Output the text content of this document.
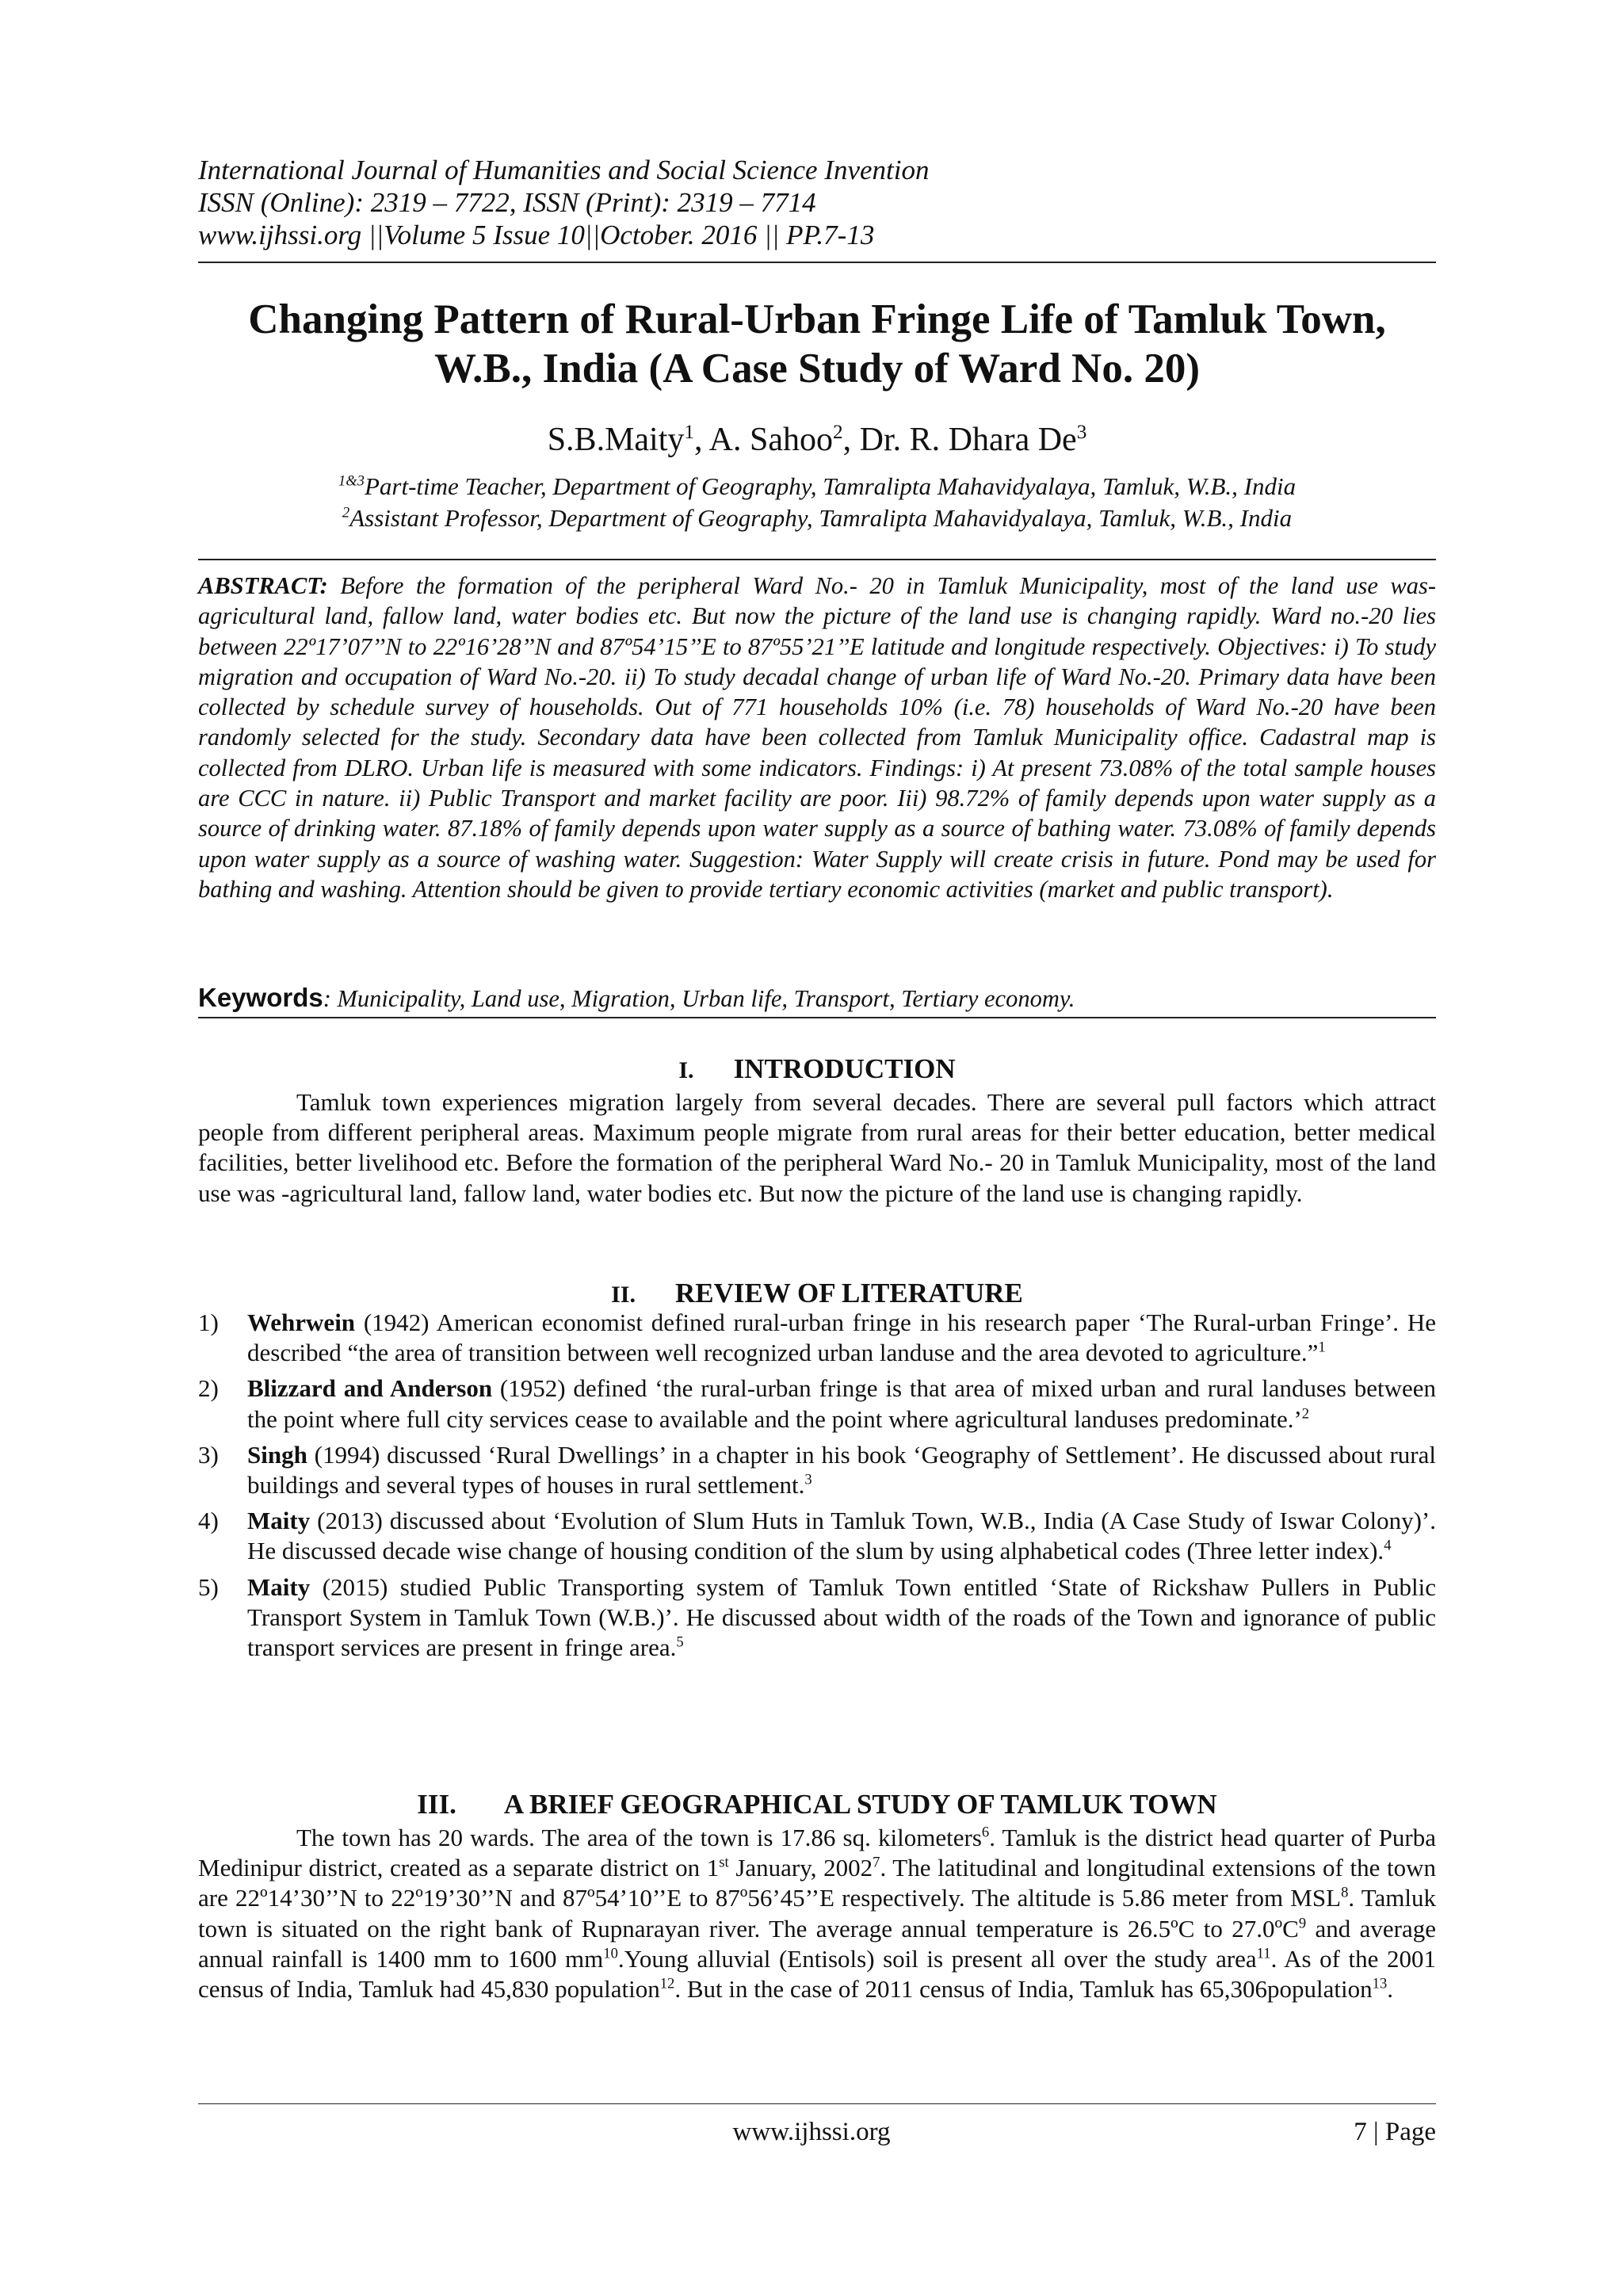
International Journal of Humanities and Social Science Invention
ISSN (Online): 2319 – 7722, ISSN (Print): 2319 – 7714
www.ijhssi.org ||Volume 5 Issue 10||October. 2016 || PP.7-13
Changing Pattern of Rural-Urban Fringe Life of Tamluk Town,
W.B., India (A Case Study of Ward No. 20)
S.B.Maity$^1$, A. Sahoo$^2$, Dr. R. Dhara De$^3$
$^{1\&3}$Part-time Teacher, Department of Geography, Tamralipta Mahavidyalaya, Tamluk, W.B., India
$^2$Assistant Professor, Department of Geography, Tamralipta Mahavidyalaya, Tamluk, W.B., India
ABSTRACT: Before the formation of the peripheral Ward No.- 20 in Tamluk Municipality, most of the land use was-agricultural land, fallow land, water bodies etc. But now the picture of the land use is changing rapidly. Ward no.-20 lies between 22º17’07’’N to 22º16’28’’N and 87º54’15’’E to 87º55’21’’E latitude and longitude respectively. Objectives: i) To study migration and occupation of Ward No.-20. ii) To study decadal change of urban life of Ward No.-20. Primary data have been collected by schedule survey of households. Out of 771 households 10% (i.e. 78) households of Ward No.-20 have been randomly selected for the study. Secondary data have been collected from Tamluk Municipality office. Cadastral map is collected from DLRO. Urban life is measured with some indicators. Findings: i) At present 73.08% of the total sample houses are CCC in nature. ii) Public Transport and market facility are poor. Iii) 98.72% of family depends upon water supply as a source of drinking water. 87.18% of family depends upon water supply as a source of bathing water. 73.08% of family depends upon water supply as a source of washing water. Suggestion: Water Supply will create crisis in future. Pond may be used for bathing and washing. Attention should be given to provide tertiary economic activities (market and public transport).
Keywords: Municipality, Land use, Migration, Urban life, Transport, Tertiary economy.
I. INTRODUCTION
Tamluk town experiences migration largely from several decades. There are several pull factors which attract people from different peripheral areas. Maximum people migrate from rural areas for their better education, better medical facilities, better livelihood etc. Before the formation of the peripheral Ward No.- 20 in Tamluk Municipality, most of the land use was -agricultural land, fallow land, water bodies etc. But now the picture of the land use is changing rapidly.
II. REVIEW OF LITERATURE
1) Wehrwein (1942) American economist defined rural-urban fringe in his research paper ‘The Rural-urban Fringe’. He described “the area of transition between well recognized urban landuse and the area devoted to agriculture.”$^1$
2) Blizzard and Anderson (1952) defined ‘the rural-urban fringe is that area of mixed urban and rural landuses between the point where full city services cease to available and the point where agricultural landuses predominate.’$^2$
3) Singh (1994) discussed ‘Rural Dwellings’ in a chapter in his book ‘Geography of Settlement’. He discussed about rural buildings and several types of houses in rural settlement.$^3$
4) Maity (2013) discussed about ‘Evolution of Slum Huts in Tamluk Town, W.B., India (A Case Study of Iswar Colony)’. He discussed decade wise change of housing condition of the slum by using alphabetical codes (Three letter index).$^4$
5) Maity (2015) studied Public Transporting system of Tamluk Town entitled ‘State of Rickshaw Pullers in Public Transport System in Tamluk Town (W.B.)’. He discussed about width of the roads of the Town and ignorance of public transport services are present in fringe area.$^5$
III. A BRIEF GEOGRAPHICAL STUDY OF TAMLUK TOWN
The town has 20 wards. The area of the town is 17.86 sq. kilometers$^6$. Tamluk is the district head quarter of Purba Medinipur district, created as a separate district on 1st January, 2002$^7$. The latitudinal and longitudinal extensions of the town are 22º14’30’’N to 22º19’30’’N and 87º54’10’’E to 87º56’45’’E respectively. The altitude is 5.86 meter from MSL$^8$. Tamluk town is situated on the right bank of Rupnarayan river. The average annual temperature is 26.5ºC to 27.0ºC$^9$ and average annual rainfall is 1400 mm to 1600 $mm^{10}.Young$ alluvial (Entisols) soil is present all over the study area$^{11}$. As of the 2001 census of India, Tamluk had 45,830 population$^{12}$. But in the case of 2011 census of India, Tamluk has 65,306population$^{13}$.
www.ijhssi.org	7 | Page
